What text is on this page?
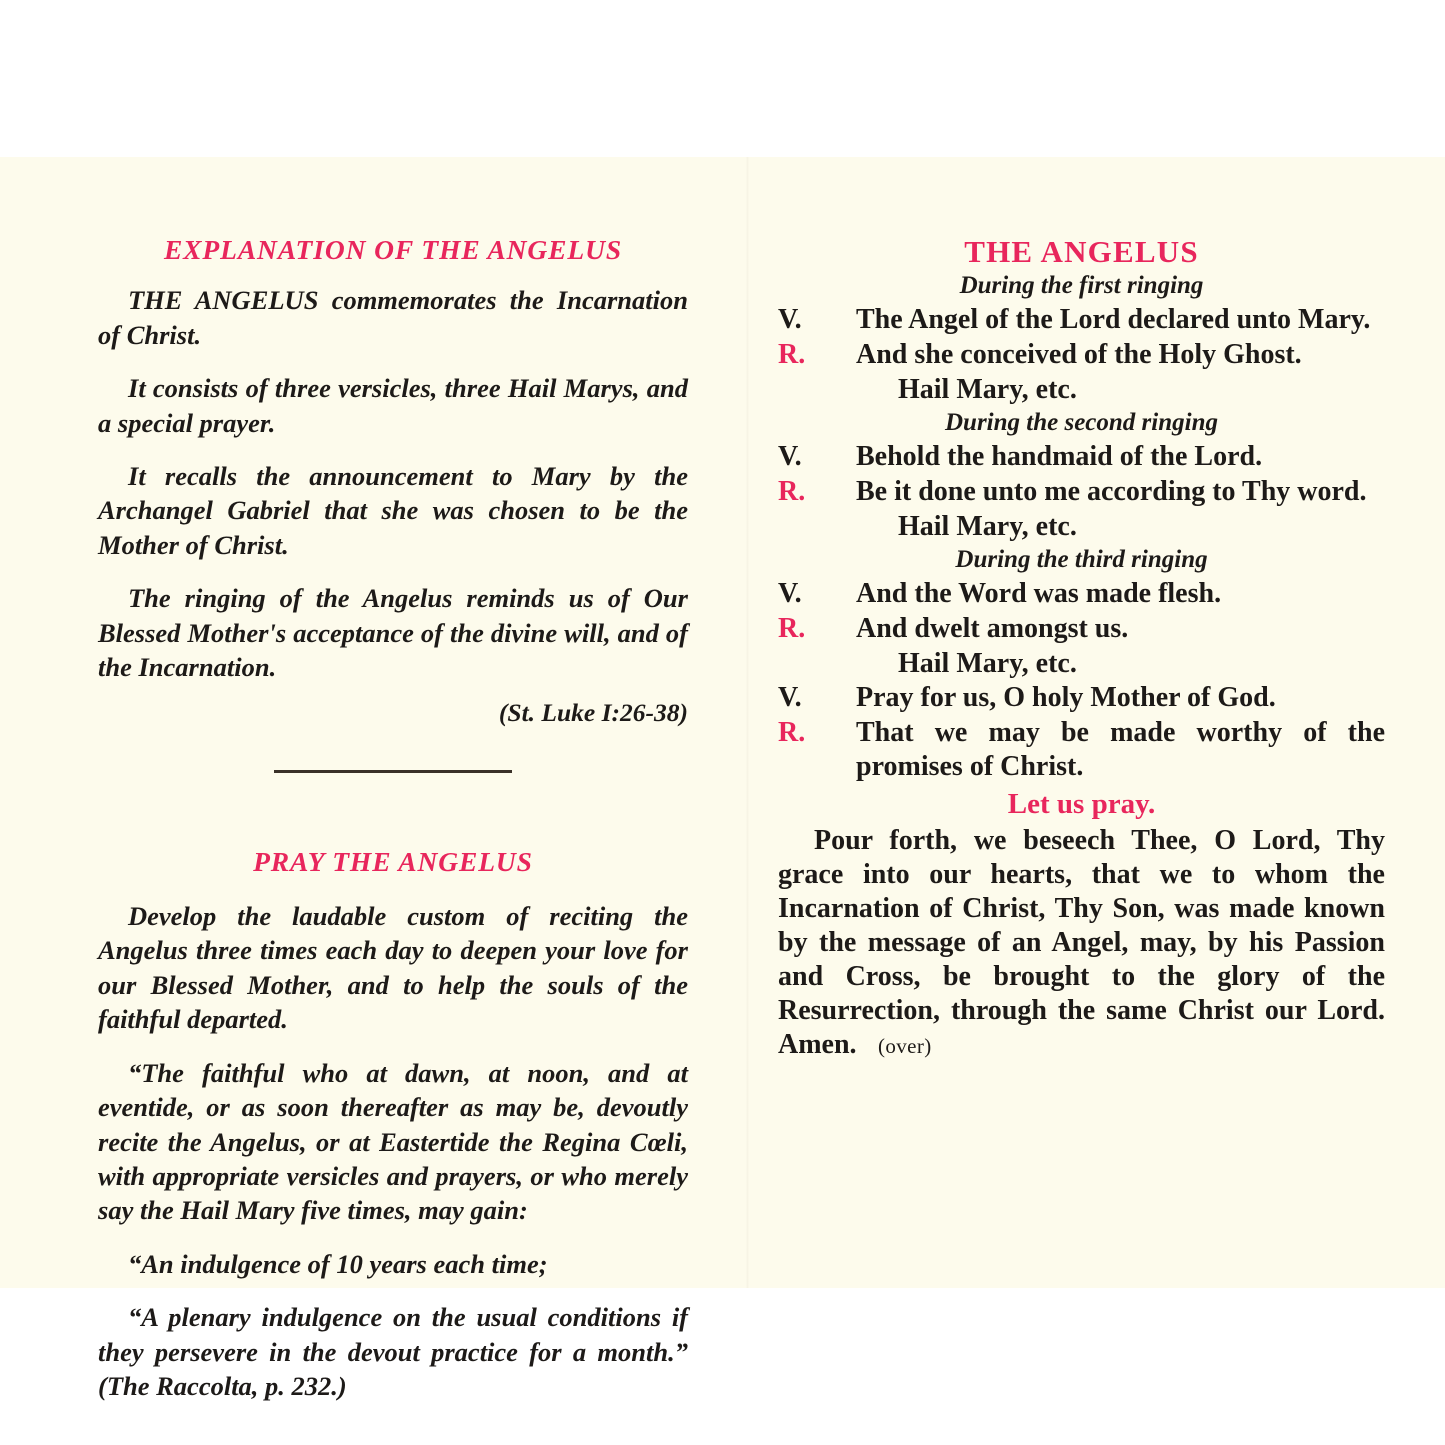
EXPLANATION OF THE ANGELUS

THE ANGELUS commemorates the Incarnation of Christ.

It consists of three versicles, three Hail Marys, and a special prayer.

It recalls the announcement to Mary by the Archangel Gabriel that she was chosen to be the Mother of Christ.

The ringing of the Angelus reminds us of Our Blessed Mother's acceptance of the divine will, and of the Incarnation.

(St. Luke I:26-38)

PRAY THE ANGELUS

Develop the laudable custom of reciting the Angelus three times each day to deepen your love for our Blessed Mother, and to help the souls of the faithful departed.

“The faithful who at dawn, at noon, and at eventide, or as soon thereafter as may be, devoutly recite the Angelus, or at Eastertide the Regina Cœli, with appropriate versicles and prayers, or who merely say the Hail Mary five times, may gain:

“An indulgence of 10 years each time;

“A plenary indulgence on the usual conditions if they persevere in the devout practice for a month.” (The Raccolta, p. 232.)

THE ANGELUS
During the first ringing
V.	The Angel of the Lord declared unto Mary.
R.	And she conceived of the Holy Ghost.
Hail Mary, etc.
During the second ringing
V.	Behold the handmaid of the Lord.
R.	Be it done unto me according to Thy word.
Hail Mary, etc.
During the third ringing
V.	And the Word was made flesh.
R.	And dwelt amongst us.
Hail Mary, etc.
V.	Pray for us, O holy Mother of God.
R.	That we may be made worthy of the promises of Christ.
Let us pray.

Pour forth, we beseech Thee, O Lord, Thy grace into our hearts, that we to whom the Incarnation of Christ, Thy Son, was made known by the message of an Angel, may, by his Passion and Cross, be brought to the glory of the Resurrection, through the same Christ our Lord. Amen. (over)
